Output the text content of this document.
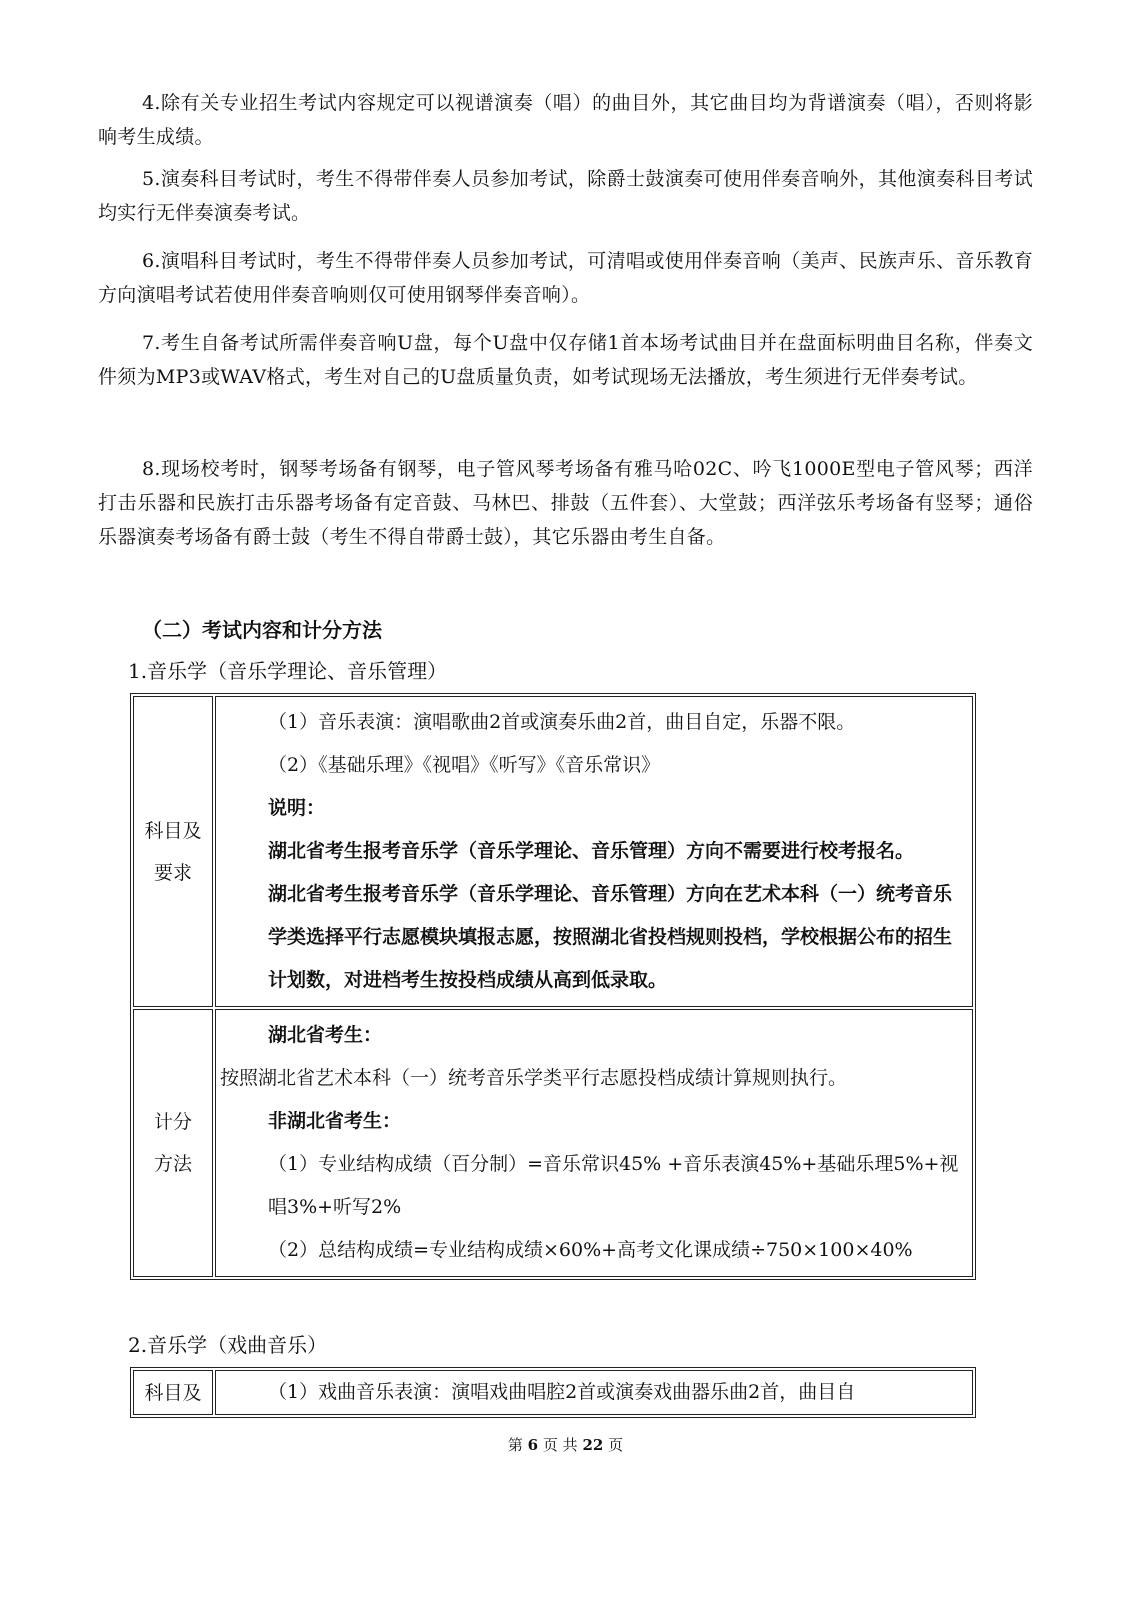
4.除有关专业招生考试内容规定可以视谱演奏（唱）的曲目外，其它曲目均为背谱演奏（唱），否则将影响考生成绩。
5.演奏科目考试时，考生不得带伴奏人员参加考试，除爵士鼓演奏可使用伴奏音响外，其他演奏科目考试均实行无伴奏演奏考试。
6.演唱科目考试时，考生不得带伴奏人员参加考试，可清唱或使用伴奏音响（美声、民族声乐、音乐教育方向演唱考试若使用伴奏音响则仅可使用钢琴伴奏音响）。
7.考生自备考试所需伴奏音响U盘，每个U盘中仅存储1首本场考试曲目并在盘面标明曲目名称，伴奏文件须为MP3或WAV格式，考生对自己的U盘质量负责，如考试现场无法播放，考生须进行无伴奏考试。
8.现场校考时，钢琴考场备有钢琴，电子管风琴考场备有雅马哈02C、吟飞1000E型电子管风琴；西洋打击乐器和民族打击乐器考场备有定音鼓、马林巴、排鼓（五件套）、大堂鼓；西洋弦乐考场备有竖琴；通俗乐器演奏考场备有爵士鼓（考生不得自带爵士鼓），其它乐器由考生自备。
（二）考试内容和计分方法
1.音乐学（音乐学理论、音乐管理）
科目及
要求	（1）音乐表演：演唱歌曲2首或演奏乐曲2首，曲目自定，乐器不限。
（2）《基础乐理》《视唱》《听写》《音乐常识》
说明：
湖北省考生报考音乐学（音乐学理论、音乐管理）方向不需要进行校考报名。
湖北省考生报考音乐学（音乐学理论、音乐管理）方向在艺术本科（一）统考音乐学类选择平行志愿模块填报志愿，按照湖北省投档规则投档，学校根据公布的招生计划数，对进档考生按投档成绩从高到低录取。

计分
方法	湖北省考生：
按照湖北省艺术本科（一）统考音乐学类平行志愿投档成绩计算规则执行。
非湖北省考生：
（1）专业结构成绩（百分制）=音乐常识45% +音乐表演45%+基础乐理5%+视唱3%+听写2%
（2）总结构成绩=专业结构成绩×60%+高考文化课成绩÷750×100×40%
2.音乐学（戏曲音乐）
科目及	（1）戏曲音乐表演：演唱戏曲唱腔2首或演奏戏曲器乐曲2首，曲目自
第 6 页 共 22 页
